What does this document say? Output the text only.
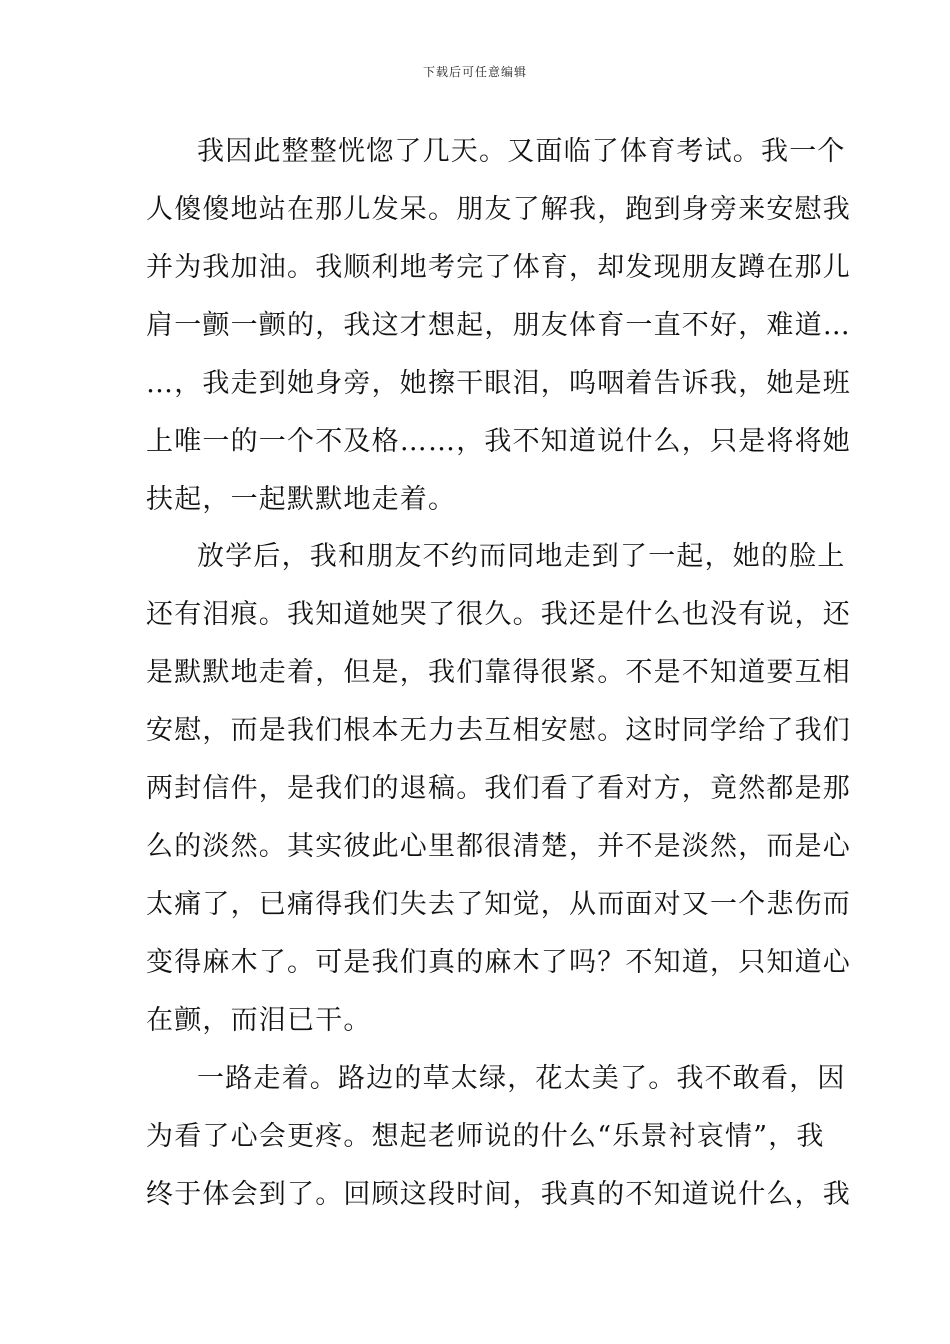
下载后可任意编辑
我因此整整恍惚了几天。又面临了体育考试。我一个
人傻傻地站在那儿发呆。朋友了解我，跑到身旁来安慰我
并为我加油。我顺利地考完了体育，却发现朋友蹲在那儿
肩一颤一颤的，我这才想起，朋友体育一直不好，难道…
…，我走到她身旁，她擦干眼泪，呜咽着告诉我，她是班
上唯一的一个不及格……，我不知道说什么，只是将将她
扶起，一起默默地走着。
放学后，我和朋友不约而同地走到了一起，她的脸上
还有泪痕。我知道她哭了很久。我还是什么也没有说，还
是默默地走着，但是，我们靠得很紧。不是不知道要互相
安慰，而是我们根本无力去互相安慰。这时同学给了我们
两封信件，是我们的退稿。我们看了看对方，竟然都是那
么的淡然。其实彼此心里都很清楚，并不是淡然，而是心
太痛了，已痛得我们失去了知觉，从而面对又一个悲伤而
变得麻木了。可是我们真的麻木了吗？不知道，只知道心
在颤，而泪已干。
一路走着。路边的草太绿，花太美了。我不敢看，因
为看了心会更疼。想起老师说的什么“乐景衬哀情”，我
终于体会到了。回顾这段时间，我真的不知道说什么，我
